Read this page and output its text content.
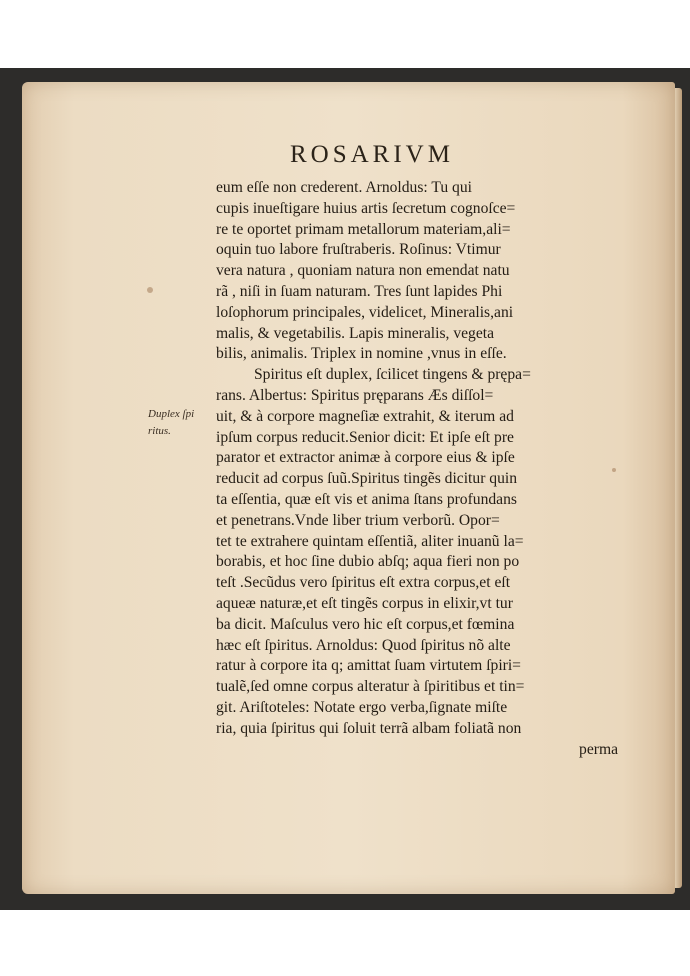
ROSARIVM
Duplex ſpi
ritus.
eum eſſe non crederent. Arnoldus: Tu qui
cupis inueſtigare huius artis ſecretum cognoſce=
re te oportet primam metallorum materiam,ali=
oquin tuo labore fruſtraberis. Roſinus: Vtimur
vera natura , quoniam natura non emendat natu
rã , niſi in ſuam naturam. Tres ſunt lapides Phi
loſophorum principales, videlicet, Mineralis,ani
malis, & vegetabilis. Lapis mineralis, vegeta
bilis, animalis. Triplex in nomine ,vnus in eſſe.
Spiritus eſt duplex, ſcilicet tingens & prępa=
rans. Albertus: Spiritus pręparans Æs diſſol=
uit, & à corpore magneſiæ extrahit, & iterum ad
ipſum corpus reducit.Senior dicit: Et ipſe eſt pre
parator et extractor animæ à corpore eius & ipſe
reducit ad corpus ſuũ.Spiritus tingẽs dicitur quin
ta eſſentia, quæ eſt vis et anima ſtans profundans
et penetrans.Vnde liber trium verborũ. Opor=
tet te extrahere quintam eſſentiã, aliter inuanũ la=
borabis, et hoc ſine dubio abſq; aqua fieri non po
teſt .Secũdus vero ſpiritus eſt extra corpus,et eſt
aqueæ naturæ,et eſt tingẽs corpus in elixir,vt tur
ba dicit. Maſculus vero hic eſt corpus,et fœmina
hæc eſt ſpiritus. Arnoldus: Quod ſpiritus nõ alte
ratur à corpore ita q; amittat ſuam virtutem ſpiri=
tualẽ,ſed omne corpus alteratur à ſpiritibus et tin=
git. Ariſtoteles: Notate ergo verba,ſignate miſte
ria, quia ſpiritus qui ſoluit terrã albam foliatã non
perma
